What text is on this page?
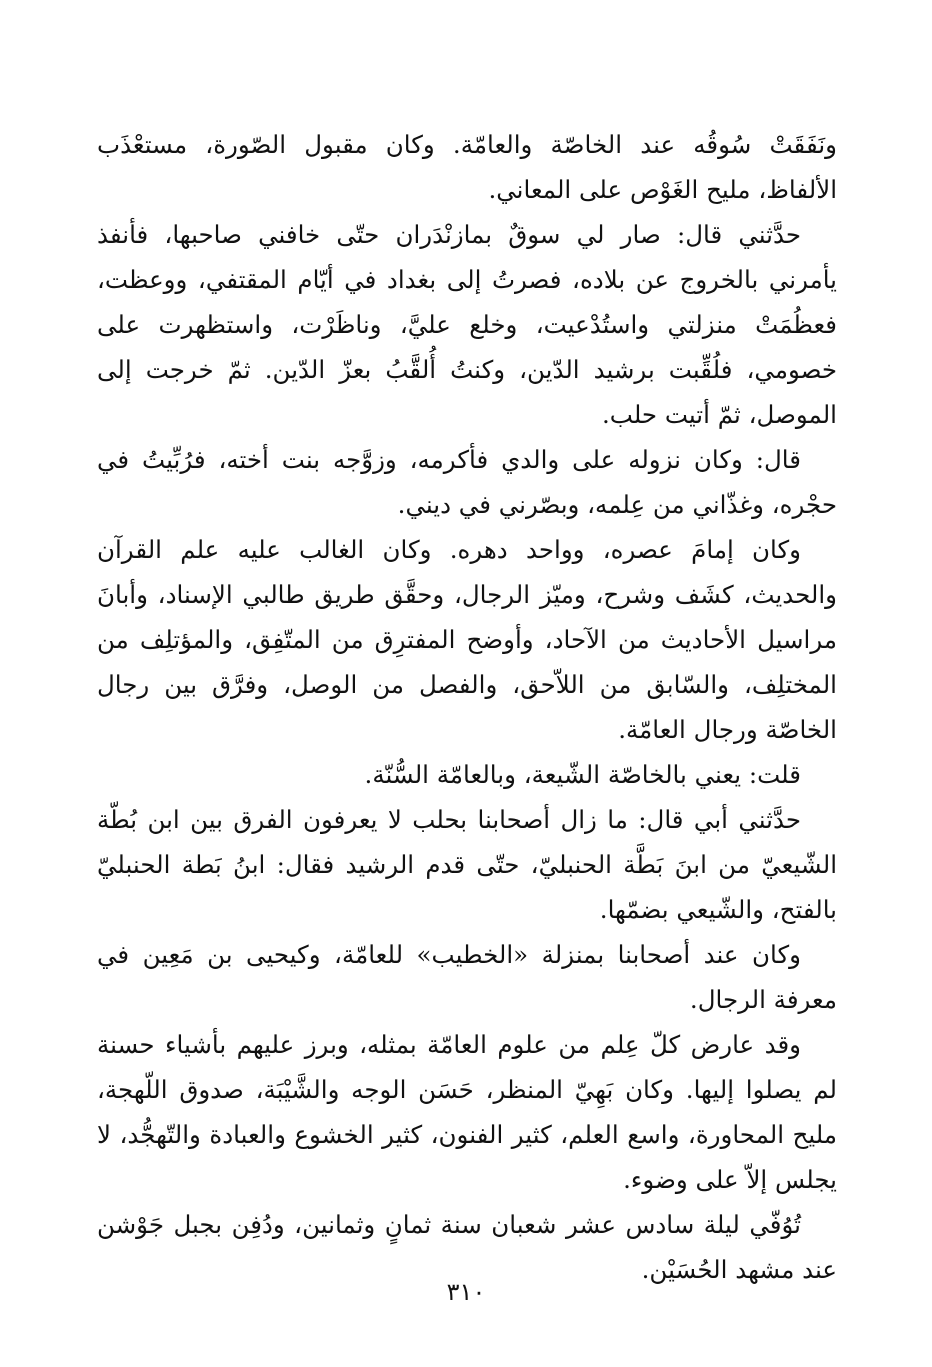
ونَفَقَتْ سُوقُه عند الخاصّة والعامّة. وكان مقبول الصّورة، مستعْذَب الألفاظ، مليح الغَوْص على المعاني.

حدَّثني قال: صار لي سوقٌ بمازنْدَران حتّى خافني صاحبها، فأنفذ يأمرني بالخروج عن بلاده، فصرتُ إلى بغداد في أيّام المقتفي، ووعظت، فعظُمَتْ منزلتي واستُدْعيت، وخلع عليَّ، وناظَرْت، واستظهرت على خصومي، فلُقِّبت برشيد الدّين، وكنتُ أُلقَّبُ بعزّ الدّين. ثمّ خرجت إلى الموصل، ثمّ أتيت حلب.

قال: وكان نزوله على والدي فأكرمه، وزوَّجه بنت أخته، فرُبِّيتُ في حجْره، وغذّاني من عِلمه، وبصّرني في ديني.

وكان إمامَ عصره، وواحد دهره. وكان الغالب عليه علم القرآن والحديث، كشَف وشرح، وميّز الرجال، وحقَّق طريق طالبي الإسناد، وأبانَ مراسيل الأحاديث من الآحاد، وأوضح المفترِق من المتّفِق، والمؤتلِف من المختلِف، والسّابق من اللاّحق، والفصل من الوصل، وفرَّق بين رجال الخاصّة ورجال العامّة.

قلت: يعني بالخاصّة الشّيعة، وبالعامّة السُّنّة.

حدَّثني أبي قال: ما زال أصحابنا بحلب لا يعرفون الفرق بين ابن بُطّة الشّيعيّ من ابنَ بَطَّة الحنبليّ، حتّى قدم الرشيد فقال: ابنُ بَطة الحنبليّ بالفتح، والشّيعي بضمّها.

وكان عند أصحابنا بمنزلة «الخطيب» للعامّة، وكيحيى بن مَعِين في معرفة الرجال.

وقد عارض كلّ عِلم من علوم العامّة بمثله، وبرز عليهم بأشياء حسنة لم يصلوا إليها. وكان بَهِيّ المنظر، حَسَن الوجه والشَّيْبَة، صدوق اللّهجة، مليح المحاورة، واسع العلم، كثير الفنون، كثير الخشوع والعبادة والتّهجُّد، لا يجلس إلاّ على وضوء.

تُوُفّي ليلة سادس عشر شعبان سنة ثمانٍ وثمانين، ودُفِن بجبل جَوْشن عند مشهد الحُسَيْن.

٣١٠
